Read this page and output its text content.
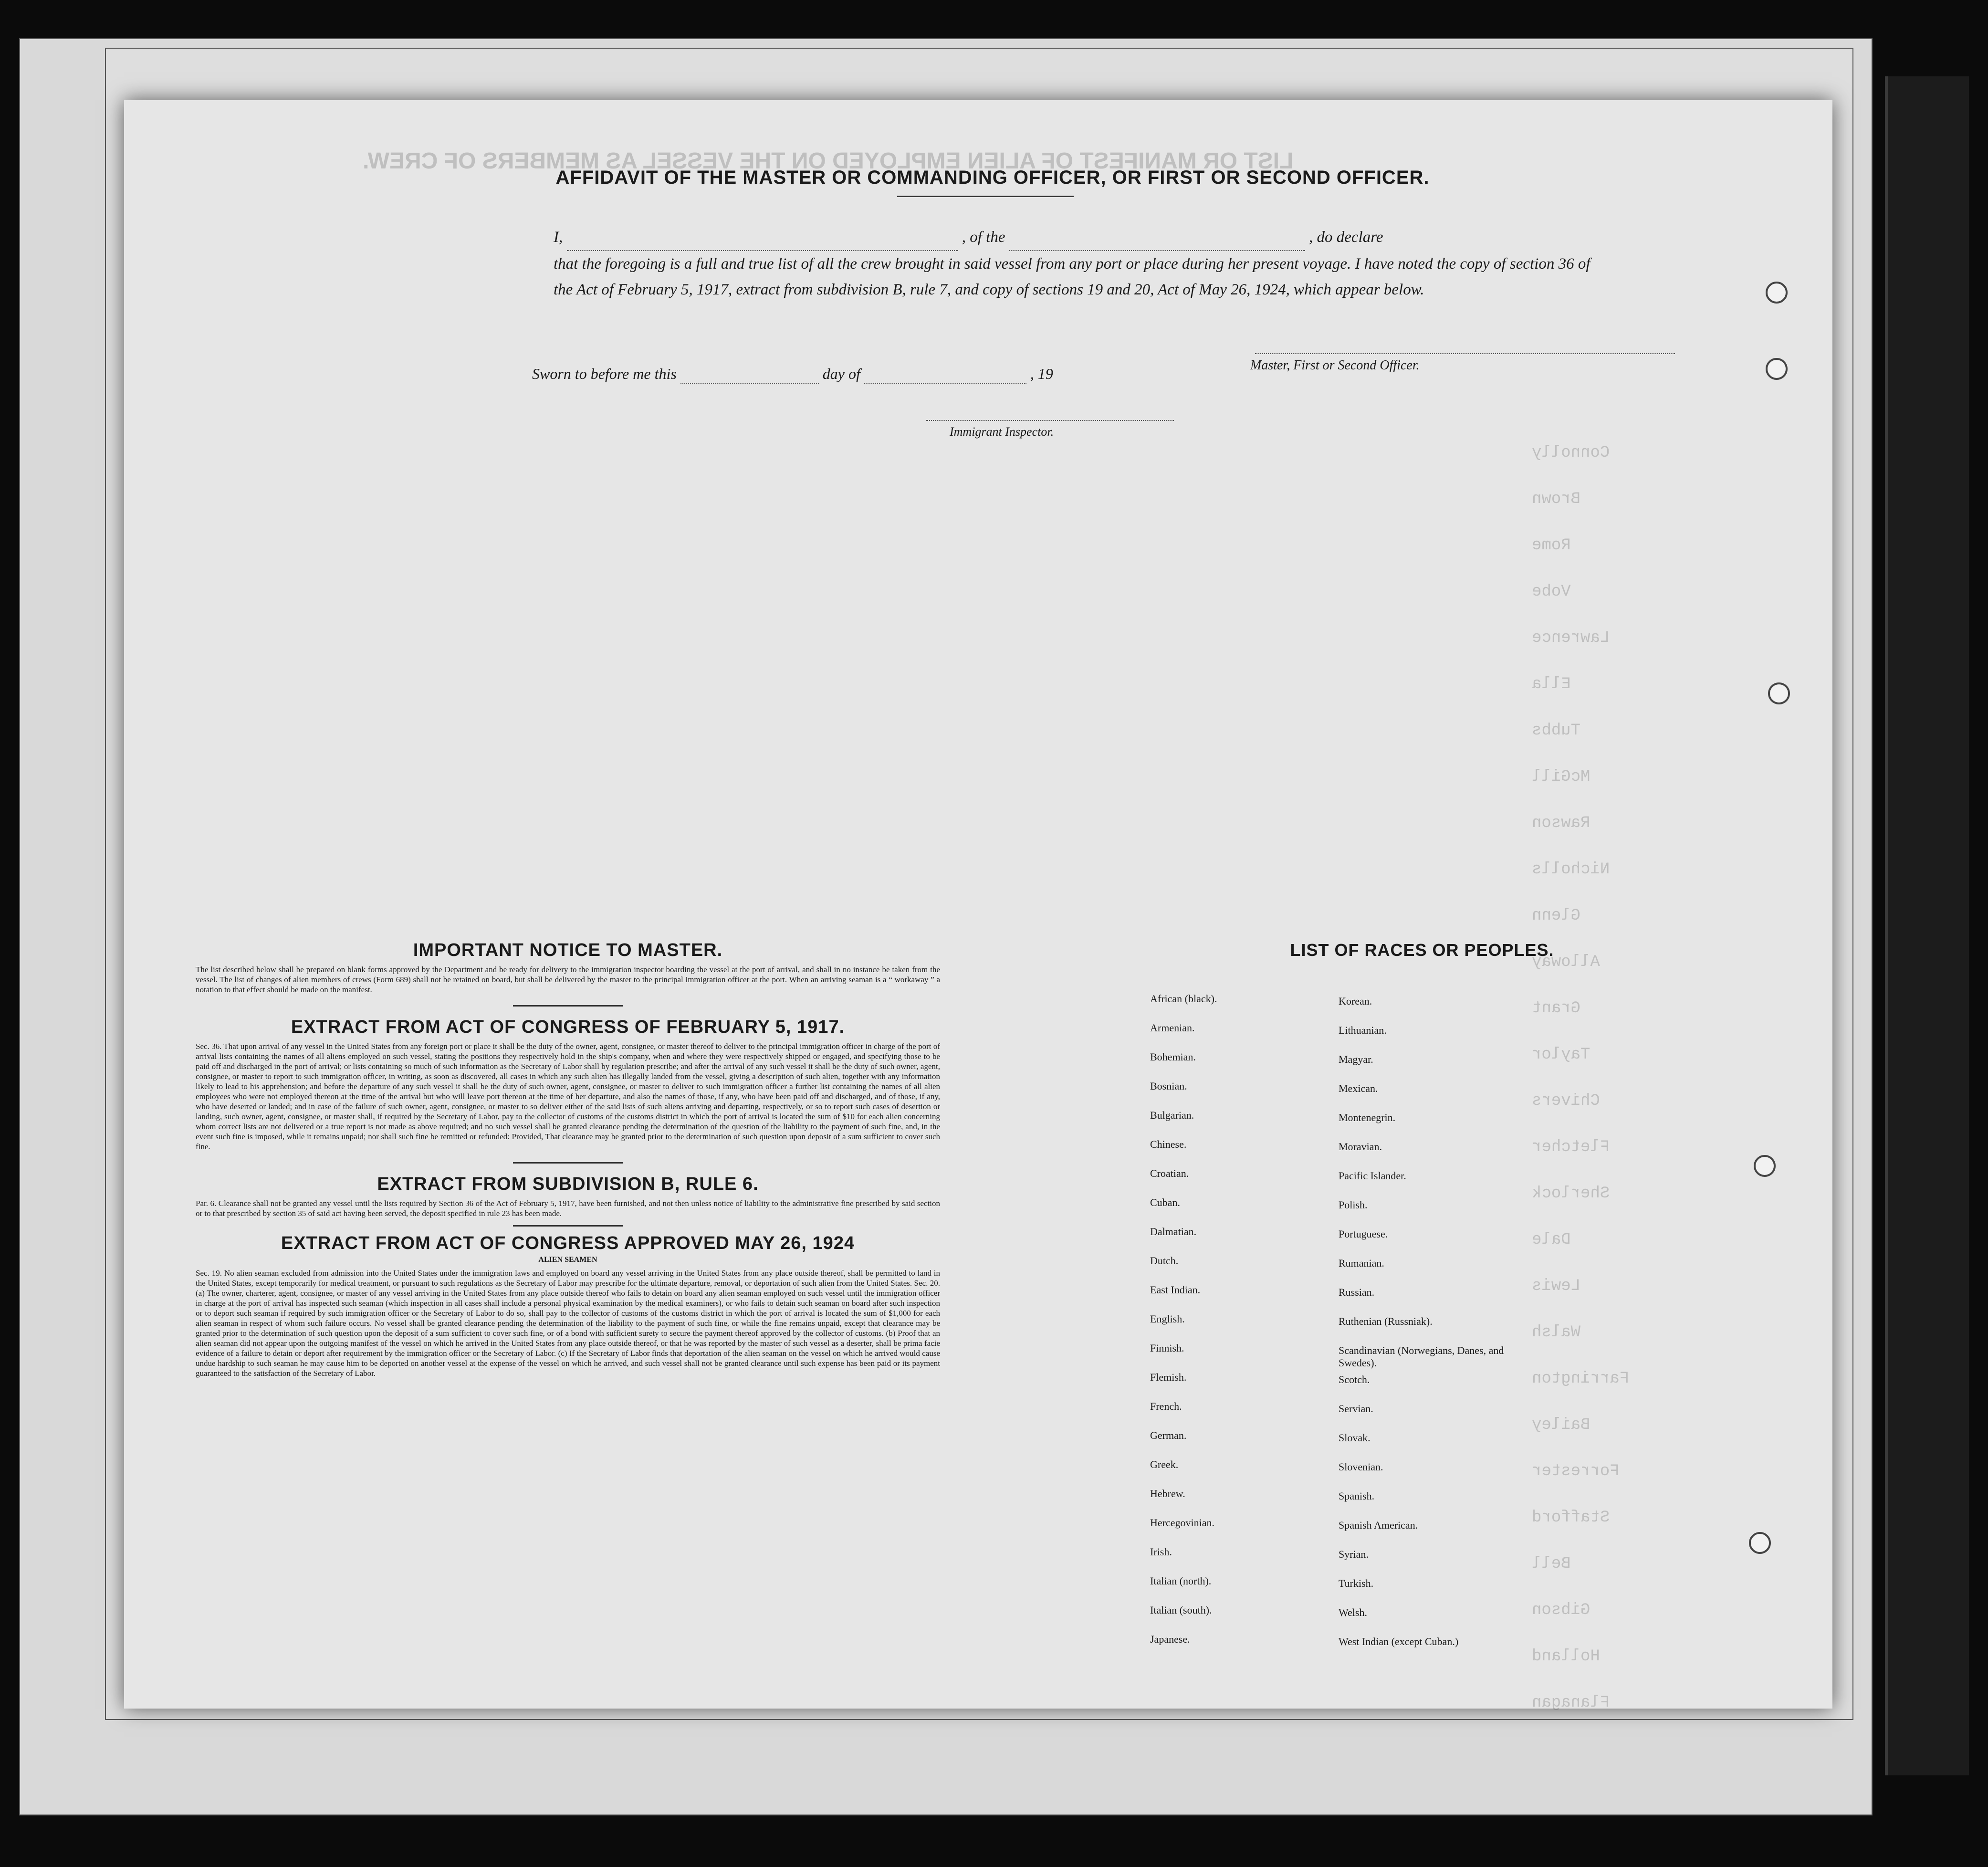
LIST OR MANIFEST OF ALIEN EMPLOYED ON THE VESSEL AS MEMBERS OF CREW.
Connolly
Brown
Rome
Vobe
Lawrence
Ella
Tubbs
McGill
Rawson
Nicholls
Glenn
Alloway
Grant
Taylor
Chivers
Fletcher
Sherlock
Dale
Lewis
Walsh
Farrington
Bailey
Forrester
Stafford
Bell
Gibson
Holland
Flanagan
AFFIDAVIT OF THE MASTER OR COMMANDING OFFICER, OR FIRST OR SECOND OFFICER.
I,	, of the	, do declare
that the foregoing is a full and true list of all the crew brought in said vessel from any port or place during her present voyage. I have noted the copy of section 36 of the Act of February 5, 1917, extract from subdivision B, rule 7, and copy of sections 19 and 20, Act of May 26, 1924, which appear below.
Master, First or Second Officer.
Sworn to before me this	day of	, 19
Immigrant Inspector.
IMPORTANT NOTICE TO MASTER.

The list described below shall be prepared on blank forms approved by the Department and be ready for delivery to the immigration inspector boarding the vessel at the port of arrival, and shall in no instance be taken from the vessel. The list of changes of alien members of crews (Form 689) shall not be retained on board, but shall be delivered by the master to the principal immigration officer at the port. When an arriving seaman is a “ workaway ” a notation to that effect should be made on the manifest.

EXTRACT FROM ACT OF CONGRESS OF FEBRUARY 5, 1917.

Sec. 36. That upon arrival of any vessel in the United States from any foreign port or place it shall be the duty of the owner, agent, consignee, or master thereof to deliver to the principal immigration officer in charge of the port of arrival lists containing the names of all aliens employed on such vessel, stating the positions they respectively hold in the ship's company, when and where they were respectively shipped or engaged, and specifying those to be paid off and discharged in the port of arrival; or lists containing so much of such information as the Secretary of Labor shall by regulation prescribe; and after the arrival of any such vessel it shall be the duty of such owner, agent, consignee, or master to report to such immigration officer, in writing, as soon as discovered, all cases in which any such alien has illegally landed from the vessel, giving a description of such alien, together with any information likely to lead to his apprehension; and before the departure of any such vessel it shall be the duty of such owner, agent, consignee, or master to deliver to such immigration officer a further list containing the names of all alien employees who were not employed thereon at the time of the arrival but who will leave port thereon at the time of her departure, and also the names of those, if any, who have been paid off and discharged, and of those, if any, who have deserted or landed; and in case of the failure of such owner, agent, consignee, or master to so deliver either of the said lists of such aliens arriving and departing, respectively, or so to report such cases of desertion or landing, such owner, agent, consignee, or master shall, if required by the Secretary of Labor, pay to the collector of customs of the customs district in which the port of arrival is located the sum of $10 for each alien concerning whom correct lists are not delivered or a true report is not made as above required; and no such vessel shall be granted clearance pending the determination of the question of the liability to the payment of such fine, and, in the event such fine is imposed, while it remains unpaid; nor shall such fine be remitted or refunded: Provided, That clearance may be granted prior to the determination of such question upon deposit of a sum sufficient to cover such fine.

EXTRACT FROM SUBDIVISION B, RULE 6.

Par. 6. Clearance shall not be granted any vessel until the lists required by Section 36 of the Act of February 5, 1917, have been furnished, and not then unless notice of liability to the administrative fine prescribed by said section or to that prescribed by section 35 of said act having been served, the deposit specified in rule 23 has been made.

EXTRACT FROM ACT OF CONGRESS APPROVED MAY 26, 1924
ALIEN SEAMEN

Sec. 19. No alien seaman excluded from admission into the United States under the immigration laws and employed on board any vessel arriving in the United States from any place outside thereof, shall be permitted to land in the United States, except temporarily for medical treatment, or pursuant to such regulations as the Secretary of Labor may prescribe for the ultimate departure, removal, or deportation of such alien from the United States. Sec. 20. (a) The owner, charterer, agent, consignee, or master of any vessel arriving in the United States from any place outside thereof who fails to detain on board any alien seaman employed on such vessel until the immigration officer in charge at the port of arrival has inspected such seaman (which inspection in all cases shall include a personal physical examination by the medical examiners), or who fails to detain such seaman on board after such inspection or to deport such seaman if required by such immigration officer or the Secretary of Labor to do so, shall pay to the collector of customs of the customs district in which the port of arrival is located the sum of $1,000 for each alien seaman in respect of whom such failure occurs. No vessel shall be granted clearance pending the determination of the liability to the payment of such fine, or while the fine remains unpaid, except that clearance may be granted prior to the determination of such question upon the deposit of a sum sufficient to cover such fine, or of a bond with sufficient surety to secure the payment thereof approved by the collector of customs. (b) Proof that an alien seaman did not appear upon the outgoing manifest of the vessel on which he arrived in the United States from any place outside thereof, or that he was reported by the master of such vessel as a deserter, shall be prima facie evidence of a failure to detain or deport after requirement by the immigration officer or the Secretary of Labor. (c) If the Secretary of Labor finds that deportation of the alien seaman on the vessel on which he arrived would cause undue hardship to such seaman he may cause him to be deported on another vessel at the expense of the vessel on which he arrived, and such vessel shall not be granted clearance until such expense has been paid or its payment guaranteed to the satisfaction of the Secretary of Labor.

LIST OF RACES OR PEOPLES.
African (black).
Armenian.
Bohemian.
Bosnian.
Bulgarian.
Chinese.
Croatian.
Cuban.
Dalmatian.
Dutch.
East Indian.
English.
Finnish.
Flemish.
French.
German.
Greek.
Hebrew.
Hercegovinian.
Irish.
Italian (north).
Italian (south).
Japanese.
Korean.
Lithuanian.
Magyar.
Mexican.
Montenegrin.
Moravian.
Pacific Islander.
Polish.
Portuguese.
Rumanian.
Russian.
Ruthenian (Russniak).
Scandinavian (Norwegians, Danes, and Swedes).
Scotch.
Servian.
Slovak.
Slovenian.
Spanish.
Spanish American.
Syrian.
Turkish.
Welsh.
West Indian (except Cuban.)
